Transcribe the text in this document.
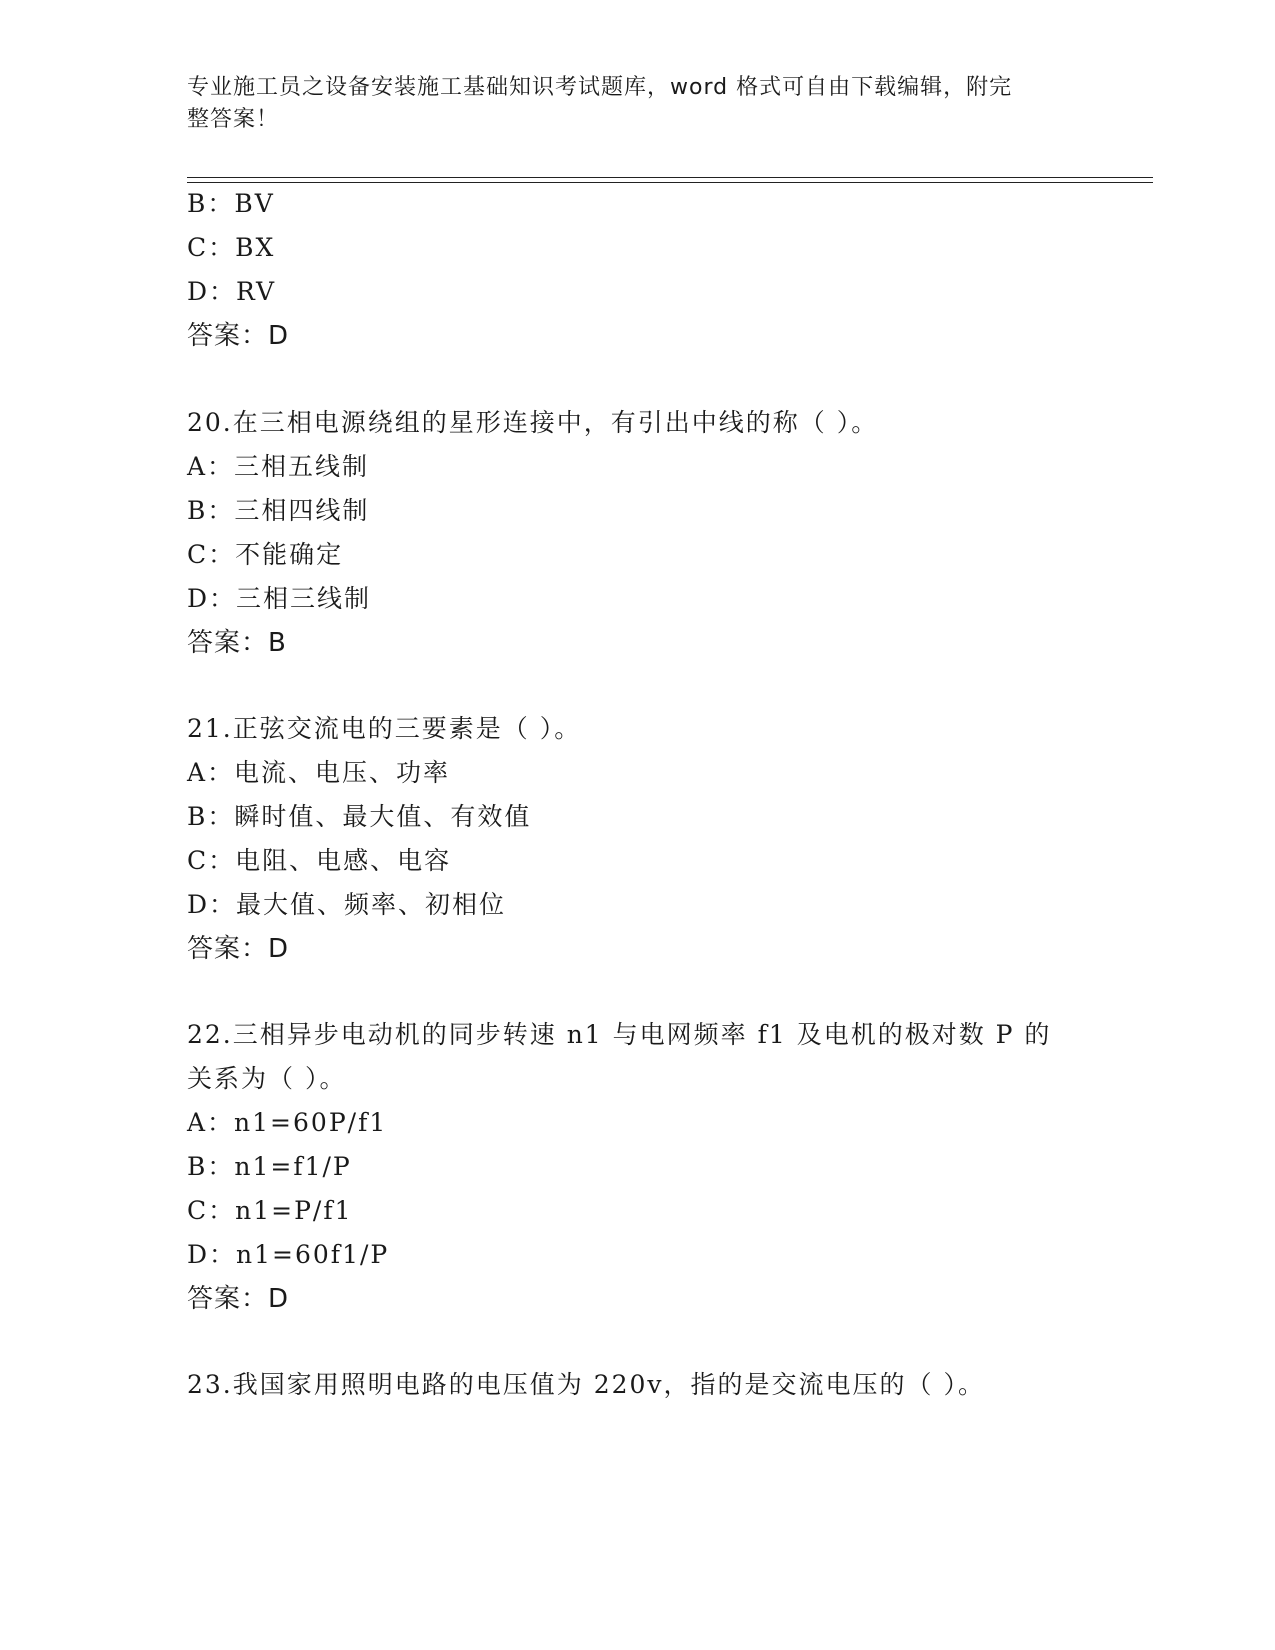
专业施工员之设备安装施工基础知识考试题库，word 格式可自由下载编辑，附完
整答案！
B：BV
C：BX
D：RV
答案：D
20.在三相电源绕组的星形连接中，有引出中线的称（ ）。
A：三相五线制
B：三相四线制
C：不能确定
D：三相三线制
答案：B
21.正弦交流电的三要素是（ ）。
A：电流、电压、功率
B：瞬时值、最大值、有效值
C：电阻、电感、电容
D：最大值、频率、初相位
答案：D
22.三相异步电动机的同步转速 n1 与电网频率 f1 及电机的极对数 P 的
关系为（ ）。
A：n1=60P/f1
B：n1=f1/P
C：n1=P/f1
D：n1=60f1/P
答案：D
23.我国家用照明电路的电压值为 220v，指的是交流电压的（ ）。
